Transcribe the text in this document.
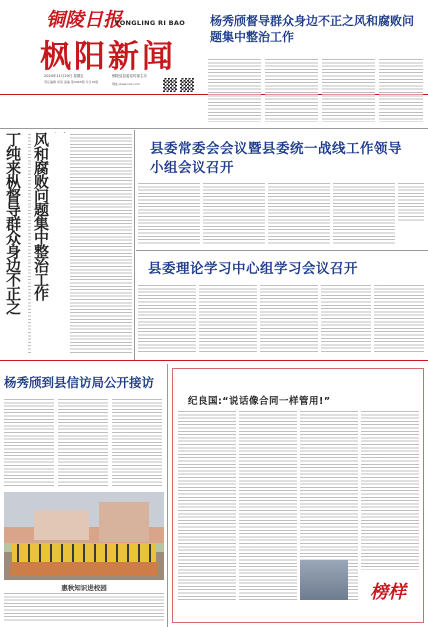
铜陵日报
TONGLING RI BAO
枫阳新闻
2024年11月29日 星期五
责任编辑 审读 美编 第3965期 今日16版
铜陵县县委宣传部主办
网址:www.xxx.com
杨秀颀督导群众身边不正之风和腐败问题集中整治工作
丁纯来枞督导群众身边不正之 风和腐败问题集中整治工作	县委常委会会议暨县委统一战线工作领导小组会议召开
县委理论学习中心组学习会议召开
杨秀颀到县信访局公开接访
惠秋知识进校园
纪良国:“说话像合同一样管用!”
榜样
